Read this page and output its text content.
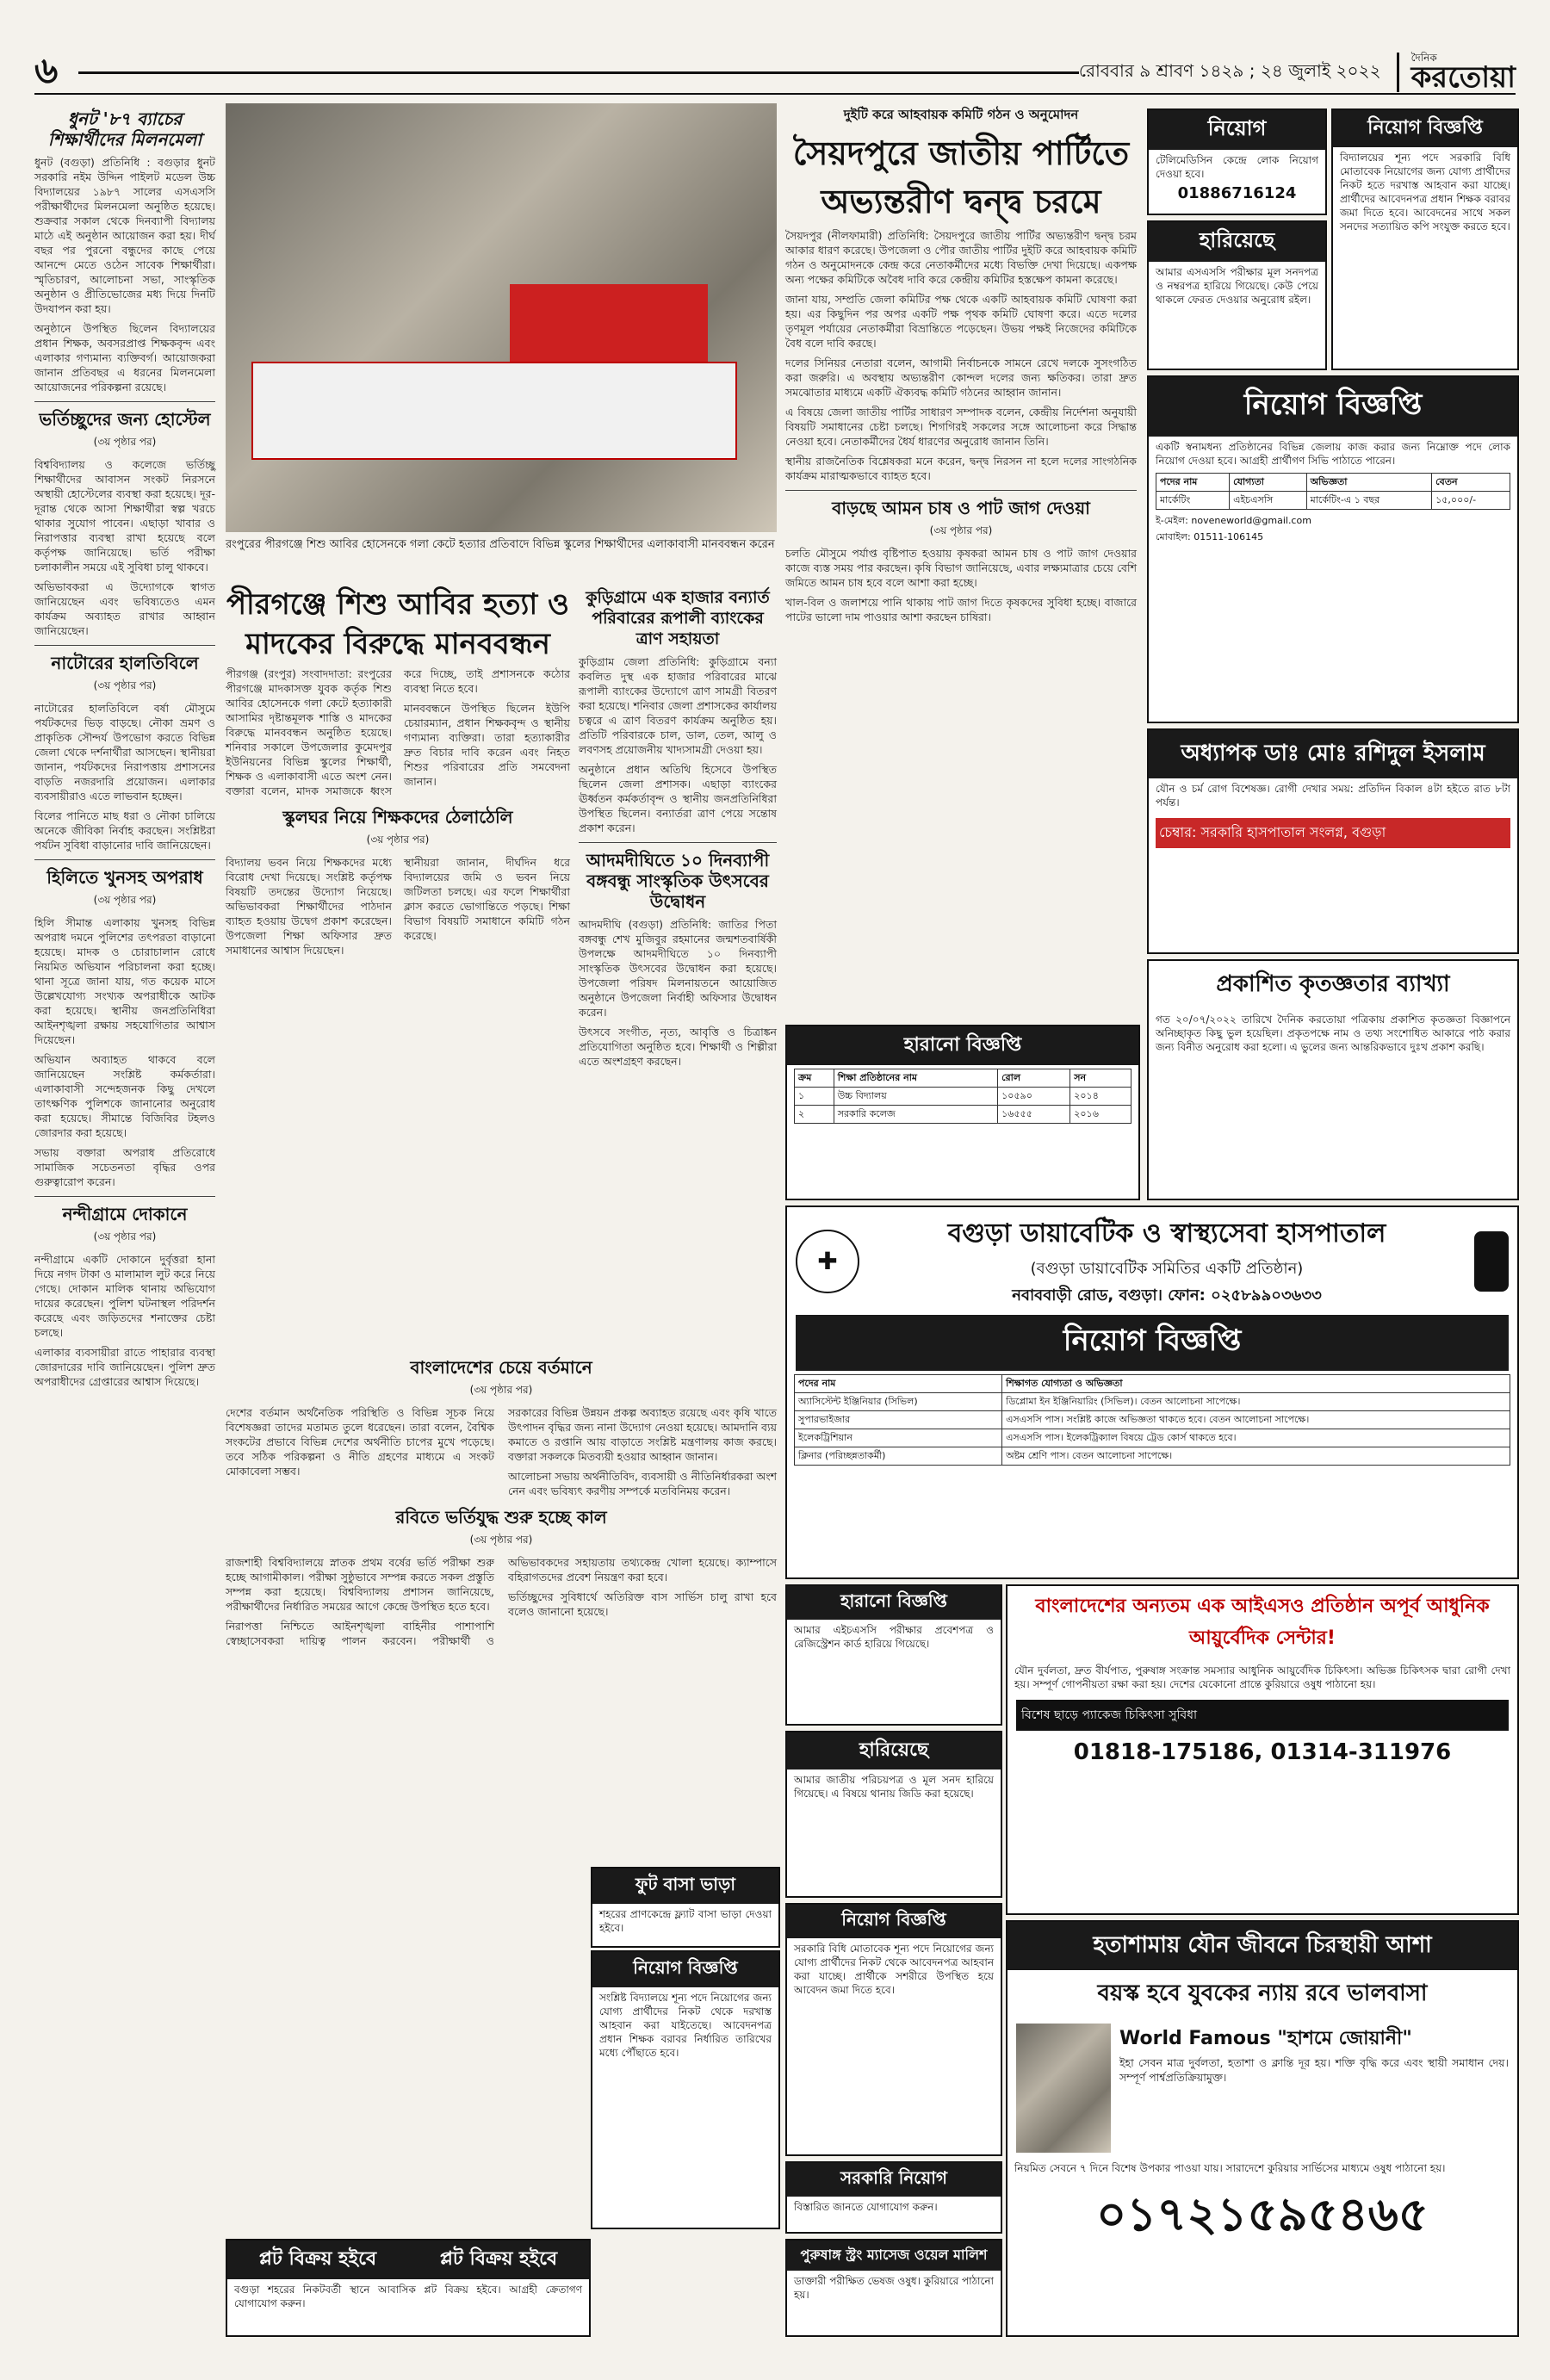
৬	রোববার ৯ শ্রাবণ ১৪২৯ ; ২৪ জুলাই ২০২২
দৈনিক
করতোয়া
ধুনট '৮৭ ব্যাচের শিক্ষার্থীদের মিলনমেলা

ধুনট (বগুড়া) প্রতিনিধি : বগুড়ার ধুনট সরকারি নইম উদ্দিন পাইলট মডেল উচ্চ বিদ্যালয়ের ১৯৮৭ সালের এসএসসি পরীক্ষার্থীদের মিলনমেলা অনুষ্ঠিত হয়েছে। শুক্রবার সকাল থেকে দিনব্যাপী বিদ্যালয় মাঠে এই অনুষ্ঠান আয়োজন করা হয়। দীর্ঘ বছর পর পুরনো বন্ধুদের কাছে পেয়ে আনন্দে মেতে ওঠেন সাবেক শিক্ষার্থীরা। স্মৃতিচারণ, আলোচনা সভা, সাংস্কৃতিক অনুষ্ঠান ও প্রীতিভোজের মধ্য দিয়ে দিনটি উদযাপন করা হয়।

অনুষ্ঠানে উপস্থিত ছিলেন বিদ্যালয়ের প্রধান শিক্ষক, অবসরপ্রাপ্ত শিক্ষকবৃন্দ এবং এলাকার গণ্যমান্য ব্যক্তিবর্গ। আয়োজকরা জানান প্রতিবছর এ ধরনের মিলনমেলা আয়োজনের পরিকল্পনা রয়েছে।

ভর্তিচ্ছুদের জন্য হোস্টেল
(৩য় পৃষ্ঠার পর)

বিশ্ববিদ্যালয় ও কলেজে ভর্তিচ্ছু শিক্ষার্থীদের আবাসন সংকট নিরসনে অস্থায়ী হোস্টেলের ব্যবস্থা করা হয়েছে। দূর-দূরান্ত থেকে আসা শিক্ষার্থীরা স্বল্প খরচে থাকার সুযোগ পাবেন। এছাড়া খাবার ও নিরাপত্তার ব্যবস্থা রাখা হয়েছে বলে কর্তৃপক্ষ জানিয়েছে। ভর্তি পরীক্ষা চলাকালীন সময়ে এই সুবিধা চালু থাকবে।

অভিভাবকরা এ উদ্যোগকে স্বাগত জানিয়েছেন এবং ভবিষ্যতেও এমন কার্যক্রম অব্যাহত রাখার আহ্বান জানিয়েছেন।

নাটোরের হালতিবিলে
(৩য় পৃষ্ঠার পর)

নাটোরের হালতিবিলে বর্ষা মৌসুমে পর্যটকদের ভিড় বাড়ছে। নৌকা ভ্রমণ ও প্রাকৃতিক সৌন্দর্য উপভোগ করতে বিভিন্ন জেলা থেকে দর্শনার্থীরা আসছেন। স্থানীয়রা জানান, পর্যটকদের নিরাপত্তায় প্রশাসনের বাড়তি নজরদারি প্রয়োজন। এলাকার ব্যবসায়ীরাও এতে লাভবান হচ্ছেন।

বিলের পানিতে মাছ ধরা ও নৌকা চালিয়ে অনেকে জীবিকা নির্বাহ করছেন। সংশ্লিষ্টরা পর্যটন সুবিধা বাড়ানোর দাবি জানিয়েছেন।

হিলিতে খুনসহ অপরাধ
(৩য় পৃষ্ঠার পর)

হিলি সীমান্ত এলাকায় খুনসহ বিভিন্ন অপরাধ দমনে পুলিশের তৎপরতা বাড়ানো হয়েছে। মাদক ও চোরাচালান রোধে নিয়মিত অভিযান পরিচালনা করা হচ্ছে। থানা সূত্রে জানা যায়, গত কয়েক মাসে উল্লেখযোগ্য সংখ্যক অপরাধীকে আটক করা হয়েছে। স্থানীয় জনপ্রতিনিধিরা আইনশৃঙ্খলা রক্ষায় সহযোগিতার আশ্বাস দিয়েছেন।

অভিযান অব্যাহত থাকবে বলে জানিয়েছেন সংশ্লিষ্ট কর্মকর্তারা। এলাকাবাসী সন্দেহজনক কিছু দেখলে তাৎক্ষণিক পুলিশকে জানানোর অনুরোধ করা হয়েছে। সীমান্তে বিজিবির টহলও জোরদার করা হয়েছে।

সভায় বক্তারা অপরাধ প্রতিরোধে সামাজিক সচেতনতা বৃদ্ধির ওপর গুরুত্বারোপ করেন।

নন্দীগ্রামে দোকানে
(৩য় পৃষ্ঠার পর)

নন্দীগ্রামে একটি দোকানে দুর্বৃত্তরা হানা দিয়ে নগদ টাকা ও মালামাল লুট করে নিয়ে গেছে। দোকান মালিক থানায় অভিযোগ দায়ের করেছেন। পুলিশ ঘটনাস্থল পরিদর্শন করেছে এবং জড়িতদের শনাক্তের চেষ্টা চলছে।

এলাকার ব্যবসায়ীরা রাতে পাহারার ব্যবস্থা জোরদারের দাবি জানিয়েছেন। পুলিশ দ্রুত অপরাধীদের গ্রেপ্তারের আশ্বাস দিয়েছে।

রংপুরের পীরগঞ্জে শিশু আবির হোসেনকে গলা কেটে হত্যার প্রতিবাদে বিভিন্ন স্কুলের শিক্ষার্থীদের এলাকাবাসী মানববন্ধন করেন
পীরগঞ্জে শিশু আবির হত্যা ও
মাদকের বিরুদ্ধে মানববন্ধন

পীরগঞ্জ (রংপুর) সংবাদদাতা: রংপুরের পীরগঞ্জে মাদকাসক্ত যুবক কর্তৃক শিশু আবির হোসেনকে গলা কেটে হত্যাকারী আসামির দৃষ্টান্তমূলক শাস্তি ও মাদকের বিরুদ্ধে মানববন্ধন অনুষ্ঠিত হয়েছে। শনিবার সকালে উপজেলার কুমেদপুর ইউনিয়নের বিভিন্ন স্কুলের শিক্ষার্থী, শিক্ষক ও এলাকাবাসী এতে অংশ নেন। বক্তারা বলেন, মাদক সমাজকে ধ্বংস করে দিচ্ছে, তাই প্রশাসনকে কঠোর ব্যবস্থা নিতে হবে।

মানববন্ধনে উপস্থিত ছিলেন ইউপি চেয়ারম্যান, প্রধান শিক্ষকবৃন্দ ও স্থানীয় গণ্যমান্য ব্যক্তিরা। তারা হত্যাকারীর দ্রুত বিচার দাবি করেন এবং নিহত শিশুর পরিবারের প্রতি সমবেদনা জানান।

স্কুলঘর নিয়ে শিক্ষকদের ঠেলাঠেলি
(৩য় পৃষ্ঠার পর)

বিদ্যালয় ভবন নিয়ে শিক্ষকদের মধ্যে বিরোধ দেখা দিয়েছে। সংশ্লিষ্ট কর্তৃপক্ষ বিষয়টি তদন্তের উদ্যোগ নিয়েছে। অভিভাবকরা শিক্ষার্থীদের পাঠদান ব্যাহত হওয়ায় উদ্বেগ প্রকাশ করেছেন। উপজেলা শিক্ষা অফিসার দ্রুত সমাধানের আশ্বাস দিয়েছেন।

স্থানীয়রা জানান, দীর্ঘদিন ধরে বিদ্যালয়ের জমি ও ভবন নিয়ে জটিলতা চলছে। এর ফলে শিক্ষার্থীরা ক্লাস করতে ভোগান্তিতে পড়ছে। শিক্ষা বিভাগ বিষয়টি সমাধানে কমিটি গঠন করেছে।

কুড়িগ্রামে এক হাজার বন্যার্ত পরিবারের রূপালী ব্যাংকের ত্রাণ সহায়তা

কুড়িগ্রাম জেলা প্রতিনিধি: কুড়িগ্রামে বন্যা কবলিত দুস্থ এক হাজার পরিবারের মাঝে রূপালী ব্যাংকের উদ্যোগে ত্রাণ সামগ্রী বিতরণ করা হয়েছে। শনিবার জেলা প্রশাসকের কার্যালয় চত্বরে এ ত্রাণ বিতরণ কার্যক্রম অনুষ্ঠিত হয়। প্রতিটি পরিবারকে চাল, ডাল, তেল, আলু ও লবণসহ প্রয়োজনীয় খাদ্যসামগ্রী দেওয়া হয়।

অনুষ্ঠানে প্রধান অতিথি হিসেবে উপস্থিত ছিলেন জেলা প্রশাসক। এছাড়া ব্যাংকের ঊর্ধ্বতন কর্মকর্তাবৃন্দ ও স্থানীয় জনপ্রতিনিধিরা উপস্থিত ছিলেন। বন্যার্তরা ত্রাণ পেয়ে সন্তোষ প্রকাশ করেন।

আদমদীঘিতে ১০ দিনব্যাপী বঙ্গবন্ধু সাংস্কৃতিক উৎসবের উদ্বোধন

আদমদীঘি (বগুড়া) প্রতিনিধি: জাতির পিতা বঙ্গবন্ধু শেখ মুজিবুর রহমানের জন্মশতবার্ষিকী উপলক্ষে আদমদীঘিতে ১০ দিনব্যাপী সাংস্কৃতিক উৎসবের উদ্বোধন করা হয়েছে। উপজেলা পরিষদ মিলনায়তনে আয়োজিত অনুষ্ঠানে উপজেলা নির্বাহী অফিসার উদ্বোধন করেন।

উৎসবে সংগীত, নৃত্য, আবৃত্তি ও চিত্রাঙ্কন প্রতিযোগিতা অনুষ্ঠিত হবে। শিক্ষার্থী ও শিল্পীরা এতে অংশগ্রহণ করছেন।

বাংলাদেশের চেয়ে বর্তমানে
(৩য় পৃষ্ঠার পর)

দেশের বর্তমান অর্থনৈতিক পরিস্থিতি ও বিভিন্ন সূচক নিয়ে বিশেষজ্ঞরা তাদের মতামত তুলে ধরেছেন। তারা বলেন, বৈশ্বিক সংকটের প্রভাবে বিভিন্ন দেশের অর্থনীতি চাপের মুখে পড়েছে। তবে সঠিক পরিকল্পনা ও নীতি গ্রহণের মাধ্যমে এ সংকট মোকাবেলা সম্ভব।

সরকারের বিভিন্ন উন্নয়ন প্রকল্প অব্যাহত রয়েছে এবং কৃষি খাতে উৎপাদন বৃদ্ধির জন্য নানা উদ্যোগ নেওয়া হয়েছে। আমদানি ব্যয় কমাতে ও রপ্তানি আয় বাড়াতে সংশ্লিষ্ট মন্ত্রণালয় কাজ করছে। বক্তারা সকলকে মিতব্যয়ী হওয়ার আহ্বান জানান।

আলোচনা সভায় অর্থনীতিবিদ, ব্যবসায়ী ও নীতিনির্ধারকরা অংশ নেন এবং ভবিষ্যৎ করণীয় সম্পর্কে মতবিনিময় করেন।

রবিতে ভর্তিযুদ্ধ শুরু হচ্ছে কাল
(৩য় পৃষ্ঠার পর)

রাজশাহী বিশ্ববিদ্যালয়ে স্নাতক প্রথম বর্ষের ভর্তি পরীক্ষা শুরু হচ্ছে আগামীকাল। পরীক্ষা সুষ্ঠুভাবে সম্পন্ন করতে সকল প্রস্তুতি সম্পন্ন করা হয়েছে। বিশ্ববিদ্যালয় প্রশাসন জানিয়েছে, পরীক্ষার্থীদের নির্ধারিত সময়ের আগে কেন্দ্রে উপস্থিত হতে হবে।

নিরাপত্তা নিশ্চিতে আইনশৃঙ্খলা বাহিনীর পাশাপাশি স্বেচ্ছাসেবকরা দায়িত্ব পালন করবেন। পরীক্ষার্থী ও অভিভাবকদের সহায়তায় তথ্যকেন্দ্র খোলা হয়েছে। ক্যাম্পাসে বহিরাগতদের প্রবেশ নিয়ন্ত্রণ করা হবে।

ভর্তিচ্ছুদের সুবিধার্থে অতিরিক্ত বাস সার্ভিস চালু রাখা হবে বলেও জানানো হয়েছে।

প্লট বিক্রয় হইবে	প্লট বিক্রয় হইবে
বগুড়া শহরের নিকটবর্তী স্থানে আবাসিক প্লট বিক্রয় হইবে। আগ্রহী ক্রেতাগণ যোগাযোগ করুন।
ফুট বাসা ভাড়া
শহরের প্রাণকেন্দ্রে ফ্ল্যাট বাসা ভাড়া দেওয়া হইবে।
নিয়োগ বিজ্ঞপ্তি
সংশ্লিষ্ট বিদ্যালয়ে শূন্য পদে নিয়োগের জন্য যোগ্য প্রার্থীদের নিকট থেকে দরখাস্ত আহবান করা যাইতেছে। আবেদনপত্র প্রধান শিক্ষক বরাবর নির্ধারিত তারিখের মধ্যে পৌঁছাতে হবে।
দুইটি করে আহবায়ক কমিটি গঠন ও অনুমোদন
সৈয়দপুরে জাতীয় পার্টিতে
অভ্যন্তরীণ দ্বন্দ্ব চরমে

সৈয়দপুর (নীলফামারী) প্রতিনিধি: সৈয়দপুরে জাতীয় পার্টির অভ্যন্তরীণ দ্বন্দ্ব চরম আকার ধারণ করেছে। উপজেলা ও পৌর জাতীয় পার্টির দুইটি করে আহবায়ক কমিটি গঠন ও অনুমোদনকে কেন্দ্র করে নেতাকর্মীদের মধ্যে বিভক্তি দেখা দিয়েছে। একপক্ষ অন্য পক্ষের কমিটিকে অবৈধ দাবি করে কেন্দ্রীয় কমিটির হস্তক্ষেপ কামনা করেছে।

জানা যায়, সম্প্রতি জেলা কমিটির পক্ষ থেকে একটি আহবায়ক কমিটি ঘোষণা করা হয়। এর কিছুদিন পর অপর একটি পক্ষ পৃথক কমিটি ঘোষণা করে। এতে দলের তৃণমূল পর্যায়ের নেতাকর্মীরা বিভ্রান্তিতে পড়েছেন। উভয় পক্ষই নিজেদের কমিটিকে বৈধ বলে দাবি করছে।

দলের সিনিয়র নেতারা বলেন, আগামী নির্বাচনকে সামনে রেখে দলকে সুসংগঠিত করা জরুরি। এ অবস্থায় অভ্যন্তরীণ কোন্দল দলের জন্য ক্ষতিকর। তারা দ্রুত সমঝোতার মাধ্যমে একটি ঐক্যবদ্ধ কমিটি গঠনের আহ্বান জানান।

এ বিষয়ে জেলা জাতীয় পার্টির সাধারণ সম্পাদক বলেন, কেন্দ্রীয় নির্দেশনা অনুযায়ী বিষয়টি সমাধানের চেষ্টা চলছে। শিগগিরই সকলের সঙ্গে আলোচনা করে সিদ্ধান্ত নেওয়া হবে। নেতাকর্মীদের ধৈর্য ধারণের অনুরোধ জানান তিনি।

স্থানীয় রাজনৈতিক বিশ্লেষকরা মনে করেন, দ্বন্দ্ব নিরসন না হলে দলের সাংগঠনিক কার্যক্রম মারাত্মকভাবে ব্যাহত হবে।

বাড়ছে আমন চাষ ও পাট জাগ দেওয়া
(৩য় পৃষ্ঠার পর)

চলতি মৌসুমে পর্যাপ্ত বৃষ্টিপাত হওয়ায় কৃষকরা আমন চাষ ও পাট জাগ দেওয়ার কাজে ব্যস্ত সময় পার করছেন। কৃষি বিভাগ জানিয়েছে, এবার লক্ষ্যমাত্রার চেয়ে বেশি জমিতে আমন চাষ হবে বলে আশা করা হচ্ছে।

খাল-বিল ও জলাশয়ে পানি থাকায় পাট জাগ দিতে কৃষকদের সুবিধা হচ্ছে। বাজারে পাটের ভালো দাম পাওয়ার আশা করছেন চাষিরা।

হারানো বিজ্ঞপ্তি
ক্রম	শিক্ষা প্রতিষ্ঠানের নাম	রোল	সন
১	উচ্চ বিদ্যালয়	১০৫৯০	২০১৪
২	সরকারি কলেজ	১৬৫৫৫	২০১৬
নিয়োগ
টেলিমেডিসিন কেন্দ্রে লোক নিয়োগ দেওয়া হবে।
01886716124
হারিয়েছে
আমার এসএসসি পরীক্ষার মূল সনদপত্র ও নম্বরপত্র হারিয়ে গিয়েছে। কেউ পেয়ে থাকলে ফেরত দেওয়ার অনুরোধ রইল।
নিয়োগ বিজ্ঞপ্তি
বিদ্যালয়ের শূন্য পদে সরকারি বিধি মোতাবেক নিয়োগের জন্য যোগ্য প্রার্থীদের নিকট হতে দরখাস্ত আহবান করা যাচ্ছে। প্রার্থীদের আবেদনপত্র প্রধান শিক্ষক বরাবর জমা দিতে হবে। আবেদনের সাথে সকল সনদের সত্যায়িত কপি সংযুক্ত করতে হবে।
নিয়োগ বিজ্ঞপ্তি
একটি স্বনামধন্য প্রতিষ্ঠানের বিভিন্ন জেলায় কাজ করার জন্য নিম্নোক্ত পদে লোক নিয়োগ দেওয়া হবে। আগ্রহী প্রার্থীগণ সিভি পাঠাতে পারেন।
পদের নাম	যোগ্যতা	অভিজ্ঞতা	বেতন
মার্কেটিং	এইচএসসি	মার্কেটিং-এ ১ বছর	১৫,০০০/-
ই-মেইল: noveneworld@gmail.com
মোবাইল: 01511-106145
অধ্যাপক ডাঃ মোঃ রশিদুল ইসলাম
যৌন ও চর্ম রোগ বিশেষজ্ঞ। রোগী দেখার সময়: প্রতিদিন বিকাল ৪টা হইতে রাত ৮টা পর্যন্ত।
চেম্বার: সরকারি হাসপাতাল সংলগ্ন, বগুড়া
প্রকাশিত কৃতজ্ঞতার ব্যাখ্যা
গত ২০/০৭/২০২২ তারিখে দৈনিক করতোয়া পত্রিকায় প্রকাশিত কৃতজ্ঞতা বিজ্ঞাপনে অনিচ্ছাকৃত কিছু ভুল হয়েছিল। প্রকৃতপক্ষে নাম ও তথ্য সংশোধিত আকারে পাঠ করার জন্য বিনীত অনুরোধ করা হলো। এ ভুলের জন্য আন্তরিকভাবে দুঃখ প্রকাশ করছি।
✚
বগুড়া ডায়াবেটিক ও স্বাস্থ্যসেবা হাসপাতাল
(বগুড়া ডায়াবেটিক সমিতির একটি প্রতিষ্ঠান)
নবাববাড়ী রোড, বগুড়া। ফোন: ০২৫৮৯৯০৩৬৩৩
নিয়োগ বিজ্ঞপ্তি
পদের নাম	শিক্ষাগত যোগ্যতা ও অভিজ্ঞতা
অ্যাসিস্টেন্ট ইঞ্জিনিয়ার (সিভিল)	ডিপ্লোমা ইন ইঞ্জিনিয়ারিং (সিভিল)। বেতন আলোচনা সাপেক্ষে।
সুপারভাইজার	এসএসসি পাস। সংশ্লিষ্ট কাজে অভিজ্ঞতা থাকতে হবে। বেতন আলোচনা সাপেক্ষে।
ইলেকট্রিশিয়ান	এসএসসি পাস। ইলেকট্রিক্যাল বিষয়ে ট্রেড কোর্স থাকতে হবে।
ক্লিনার (পরিচ্ছন্নতাকর্মী)	অষ্টম শ্রেণি পাস। বেতন আলোচনা সাপেক্ষে।
হারানো বিজ্ঞপ্তি
আমার এইচএসসি পরীক্ষার প্রবেশপত্র ও রেজিস্ট্রেশন কার্ড হারিয়ে গিয়েছে।
হারিয়েছে
আমার জাতীয় পরিচয়পত্র ও মূল সনদ হারিয়ে গিয়েছে। এ বিষয়ে থানায় জিডি করা হয়েছে।
নিয়োগ বিজ্ঞপ্তি
সরকারি বিধি মোতাবেক শূন্য পদে নিয়োগের জন্য যোগ্য প্রার্থীদের নিকট থেকে আবেদনপত্র আহবান করা যাচ্ছে। প্রার্থীকে সশরীরে উপস্থিত হয়ে আবেদন জমা দিতে হবে।
সরকারি নিয়োগ
বিস্তারিত জানতে যোগাযোগ করুন।
পুরুষাঙ্গ স্ট্রং ম্যাসেজ ওয়েল মালিশ
ডাক্তারী পরীক্ষিত ভেষজ ওষুধ। কুরিয়ারে পাঠানো হয়।
বাংলাদেশের অন্যতম এক আইএসও প্রতিষ্ঠান অপূর্ব আধুনিক আয়ুর্বেদিক সেন্টার!
যৌন দুর্বলতা, দ্রুত বীর্যপাত, পুরুষাঙ্গ সংক্রান্ত সমস্যার আধুনিক আয়ুর্বেদিক চিকিৎসা। অভিজ্ঞ চিকিৎসক দ্বারা রোগী দেখা হয়। সম্পূর্ণ গোপনীয়তা রক্ষা করা হয়। দেশের যেকোনো প্রান্তে কুরিয়ারে ওষুধ পাঠানো হয়।
বিশেষ ছাড়ে প্যাকেজ চিকিৎসা সুবিধা
01818-175186, 01314-311976
হতাশামায় যৌন জীবনে চিরস্থায়ী আশা
বয়স্ক হবে যুবকের ন্যায় রবে ভালবাসা
World Famous "হাশমে জোয়ানী"
ইহা সেবন মাত্র দুর্বলতা, হতাশা ও ক্লান্তি দূর হয়। শক্তি বৃদ্ধি করে এবং স্থায়ী সমাধান দেয়। সম্পূর্ণ পার্শ্বপ্রতিক্রিয়ামুক্ত।
নিয়মিত সেবনে ৭ দিনে বিশেষ উপকার পাওয়া যায়। সারাদেশে কুরিয়ার সার্ভিসের মাধ্যমে ওষুধ পাঠানো হয়।
০১৭২১৫৯৫৪৬৫
